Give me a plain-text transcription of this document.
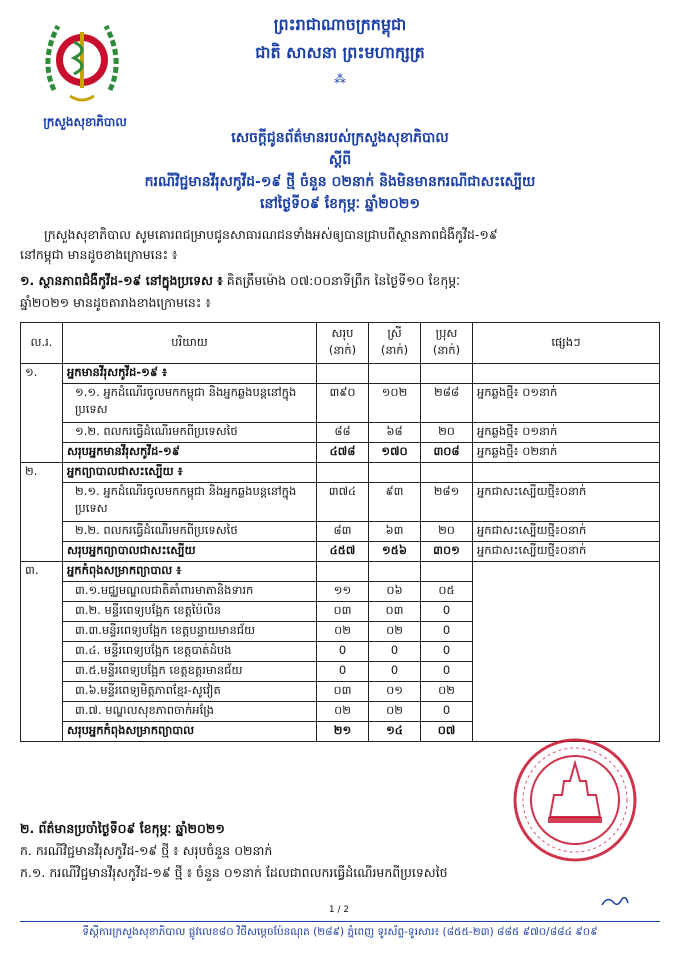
ក្រសួងសុខាភិបាល
ព្រះរាជាណាចក្រកម្ពុជា
ជាតិ សាសនា ព្រះមហាក្សត្រ
⁂
សេចក្តីជូនព័ត៌មានរបស់ក្រសួងសុខាភិបាល
ស្តីពី
ករណីវិជ្ជមានវីរុសកូវីដ-១៩ ថ្មី ចំនួន ០២នាក់ និងមិនមានករណីជាសះស្បើយ
នៅថ្ងៃទី០៩ ខែកុម្ភៈ ឆ្នាំ២០២១
ក្រសួងសុខាភិបាល សូមគោរពជម្រាបជូនសាធារណជនទាំងអស់ឲ្យបានជ្រាបពីស្ថានភាពជំងឺកូវីដ-១៩
នៅកម្ពុជា មានដូចខាងក្រោមនេះ ៖
១. ស្ថានភាពជំងឺកូវីដ-១៩ នៅក្នុងប្រទេស ៖ គិតត្រឹមម៉ោង ០៧:០០នាទីព្រឹក នៃថ្ងៃទី១០ ខែកុម្ភៈ
ឆ្នាំ២០២១ មានដូចតារាងខាងក្រោមនេះ ៖
ល.រ.	បរិយាយ	សរុប (នាក់)	ស្រី (នាក់)	ប្រុស (នាក់)	ផ្សេងៗ
១.	អ្នកមានវីរុសកូវីដ-១៩ ៖				
	១.១. អ្នកដំណើរចូលមកកម្ពុជា និងអ្នកឆ្លងបន្តនៅក្នុងប្រទេស	៣៩០	១០២	២៨៨	អ្នកឆ្លងថ្មី៖ ០១នាក់
	១.២. ពលករធ្វើដំណើរមកពីប្រទេសថៃ	៨៨	៦៨	២០	អ្នកឆ្លងថ្មី៖ ០១នាក់
	សរុបអ្នកមានវីរុសកូវីដ-១៩	៤៧៨	១៧០	៣០៨	អ្នកឆ្លងថ្មី៖ ០២នាក់
២.	អ្នកព្យាបាលជាសះស្បើយ ៖				
	២.១. អ្នកដំណើរចូលមកកម្ពុជា និងអ្នកឆ្លងបន្តនៅក្នុងប្រទេស	៣៧៤	៩៣	២៨១	អ្នកជាសះស្បើយថ្មី៖០នាក់
	២.២. ពលករធ្វើដំណើរមកពីប្រទេសថៃ	៨៣	៦៣	២០	អ្នកជាសះស្បើយថ្មី៖០នាក់
	សរុបអ្នកព្យាបាលជាសះស្បើយ	៤៥៧	១៥៦	៣០១	អ្នកជាសះស្បើយថ្មី៖០នាក់
៣.	អ្នកកំពុងសម្រាកព្យាបាល ៖				
	៣.១.មជ្ឈមណ្ឌលជាតិគាំពារមាតានិងទារក	១១	០៦	០៥	
	៣.២. មន្ទីរពេទ្យបង្អែក ខេត្តប៉ៃលិន	០៣	០៣	0	
	៣.៣.មន្ទីរពេទ្យបង្អែក ខេត្តបន្ទាយមានជ័យ	០២	០២	0	
	៣.៤. មន្ទីរពេទ្យបង្អែក ខេត្តបាត់ដំបង	0	0	0	
	៣.៥.មន្ទីរពេទ្យបង្អែក ខេត្តឧត្តរមានជ័យ	0	0	0	
	៣.៦.មន្ទីរពេទ្យមិត្តភាពខ្មែរ-សូវៀត	០៣	០១	០២	
	៣.៧. មណ្ឌលសុខភាពចាក់អង្រែ	០២	០២	0	
	សរុបអ្នកកំពុងសម្រាកព្យាបាល	២១	១៤	០៧	
២. ព័ត៌មានប្រចាំថ្ងៃទី០៩ ខែកុម្ភៈ ឆ្នាំ២០២១
ក. ករណីវិជ្ជមានវីរុសកូវីដ-១៩ ថ្មី ៖ សរុបចំនួន ០២នាក់
ក.១. ករណីវិជ្ជមានវីរុសកូវីដ-១៩ ថ្មី ៖ ចំនួន ០១នាក់ ដែលជាពលករធ្វើដំណើរមកពីប្រទេសថៃ
1 / 2
ទីស្តីការក្រសួងសុខាភិបាល ផ្លូវលេខ៨០ វិថីសម្តេចប៉ែនណុត (២៨៩) ភ្នំពេញ ទូរស័ព្ទ-ទូរសារ៖ (៨៥៥-២៣) ៨៨៥ ៩៧០/៨៨៤ ៩០៩
